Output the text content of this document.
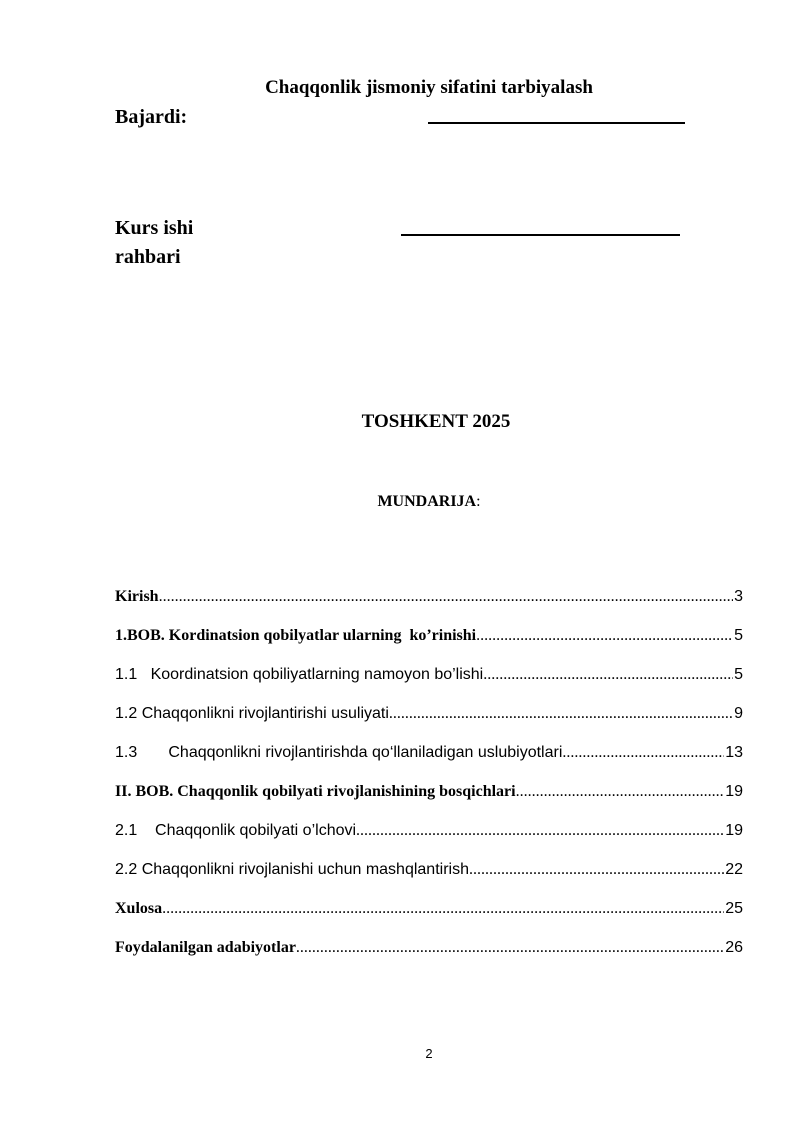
Chaqqonlik jismoniy sifatini tarbiyalash
Bajardi:
Kurs ishi
rahbari
TOSHKENT 2025
MUNDARIJA:
Kirish .....	3
1.BOB. Kordinatsion qobilyatlar ularning  ko’rinishi .....	5
1.1 Koordinatsion qobiliyatlarning namoyon bo’lishi .....	5
1.2 Chaqqonlikni rivojlantirishi usuliyati .....	9
1.3 Chaqqonlikni rivojlantirishda qo‘llaniladigan uslubiyotlari .....	13
II. BOB. Chaqqonlik qobilyati rivojlanishining bosqichlari .....	19
2.1 Chaqqonlik qobilyati o’lchovi .....	19
2.2 Chaqqonlikni rivojlanishi uchun mashqlantirish .....	22
Xulosa .....	25
Foydalanilgan adabiyotlar .....	26
2
